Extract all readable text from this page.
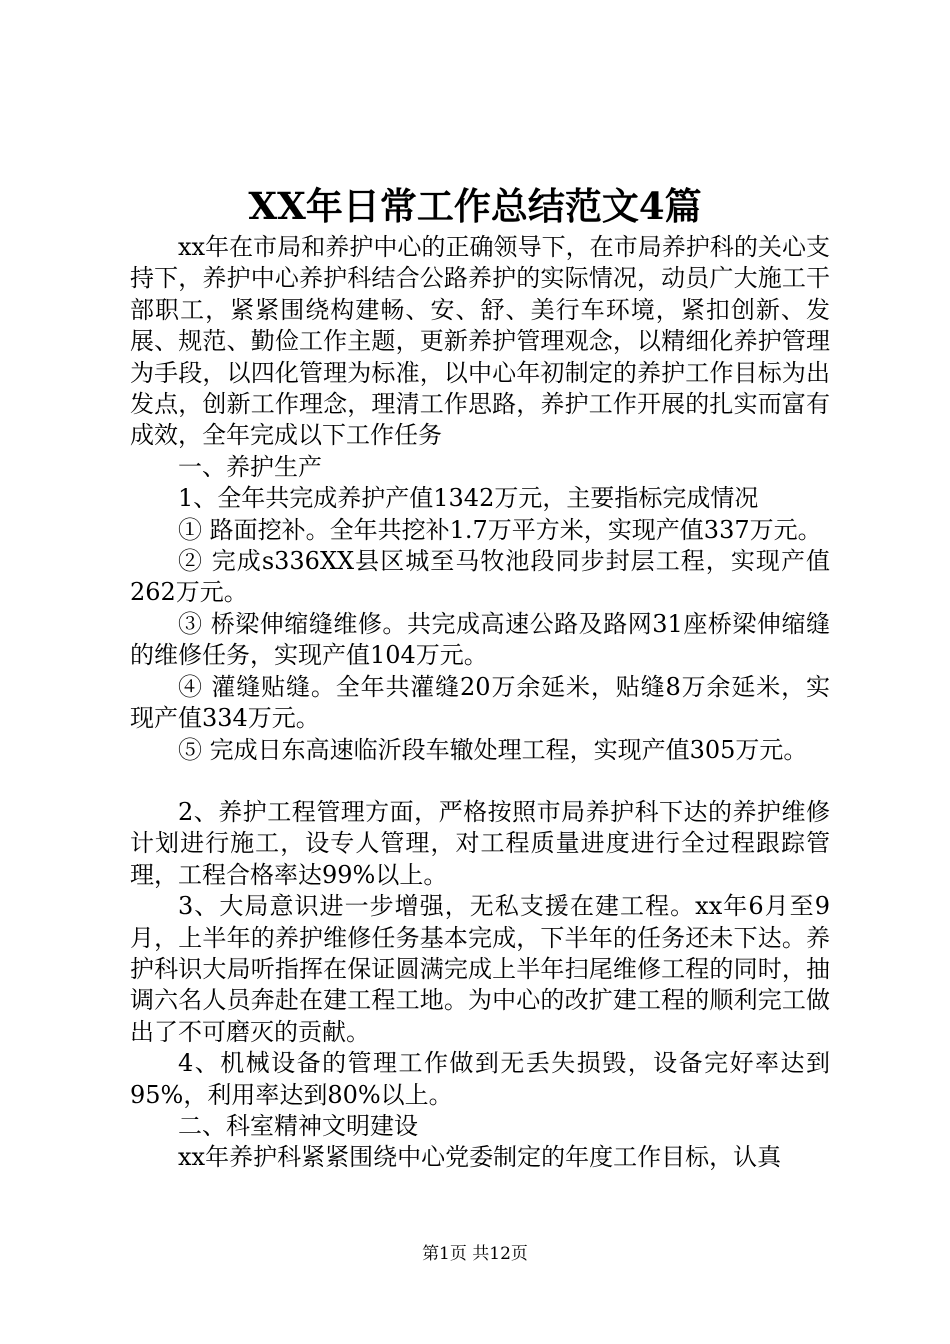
XX年日常工作总结范文4篇

xx年在市局和养护中心的正确领导下，在市局养护科的关心支持下，养护中心养护科结合公路养护的实际情况，动员广大施工干部职工，紧紧围绕构建畅、安、舒、美行车环境，紧扣创新、发展、规范、勤俭工作主题，更新养护管理观念，以精细化养护管理为手段，以四化管理为标准，以中心年初制定的养护工作目标为出发点，创新工作理念，理清工作思路，养护工作开展的扎实而富有成效，全年完成以下工作任务

一、养护生产

1、全年共完成养护产值1342万元，主要指标完成情况

① 路面挖补。全年共挖补1.7万平方米，实现产值337万元。

② 完成s336XX县区城至马牧池段同步封层工程，实现产值262万元。

③ 桥梁伸缩缝维修。共完成高速公路及路网31座桥梁伸缩缝的维修任务，实现产值104万元。

④ 灌缝贴缝。全年共灌缝20万余延米，贴缝8万余延米，实现产值334万元。

⑤ 完成日东高速临沂段车辙处理工程，实现产值305万元。

2、养护工程管理方面，严格按照市局养护科下达的养护维修计划进行施工，设专人管理，对工程质量进度进行全过程跟踪管理，工程合格率达99%以上。

3、大局意识进一步增强，无私支援在建工程。xx年6月至9月，上半年的养护维修任务基本完成，下半年的任务还未下达。养护科识大局听指挥在保证圆满完成上半年扫尾维修工程的同时，抽调六名人员奔赴在建工程工地。为中心的改扩建工程的顺利完工做出了不可磨灭的贡献。

4、机械设备的管理工作做到无丢失损毁，设备完好率达到95%，利用率达到80%以上。

二、科室精神文明建设

xx年养护科紧紧围绕中心党委制定的年度工作目标，认真

第1页 共12页
